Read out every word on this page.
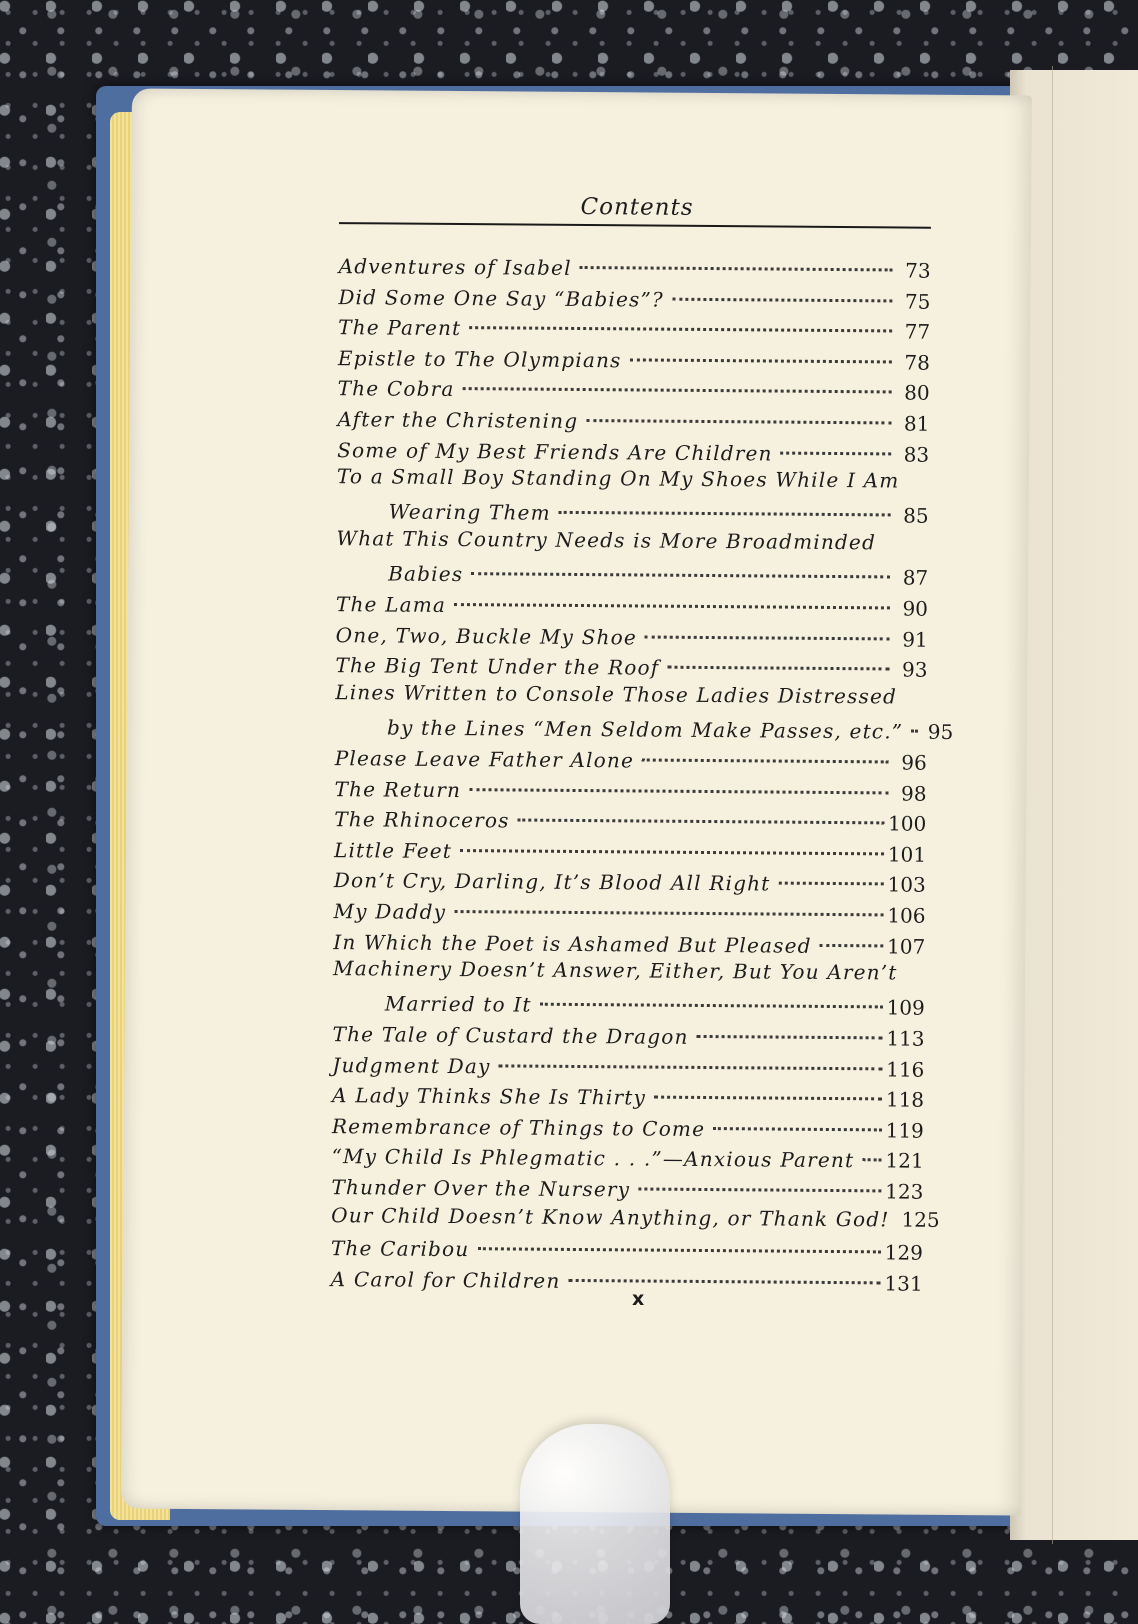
Contents
Adventures of Isabel	73
Did Some One Say “Babies”?	75
The Parent	77
Epistle to The Olympians	78
The Cobra	80
After the Christening	81
Some of My Best Friends Are Children	83
To a Small Boy Standing On My Shoes While I Am
Wearing Them	85
What This Country Needs is More Broadminded
Babies	87
The Lama	90
One, Two, Buckle My Shoe	91
The Big Tent Under the Roof	93
Lines Written to Console Those Ladies Distressed
by the Lines “Men Seldom Make Passes, etc.”	95
Please Leave Father Alone	96
The Return	98
The Rhinoceros	100
Little Feet	101
Don’t Cry, Darling, It’s Blood All Right	103
My Daddy	106
In Which the Poet is Ashamed But Pleased	107
Machinery Doesn’t Answer, Either, But You Aren’t
Married to It	109
The Tale of Custard the Dragon	113
Judgment Day	116
A Lady Thinks She Is Thirty	118
Remembrance of Things to Come	119
“My Child Is Phlegmatic . . .”—Anxious Parent 121
Thunder Over the Nursery	123
Our Child Doesn’t Know Anything, or Thank God! 125
The Caribou	129
A Carol for Children	131
x
